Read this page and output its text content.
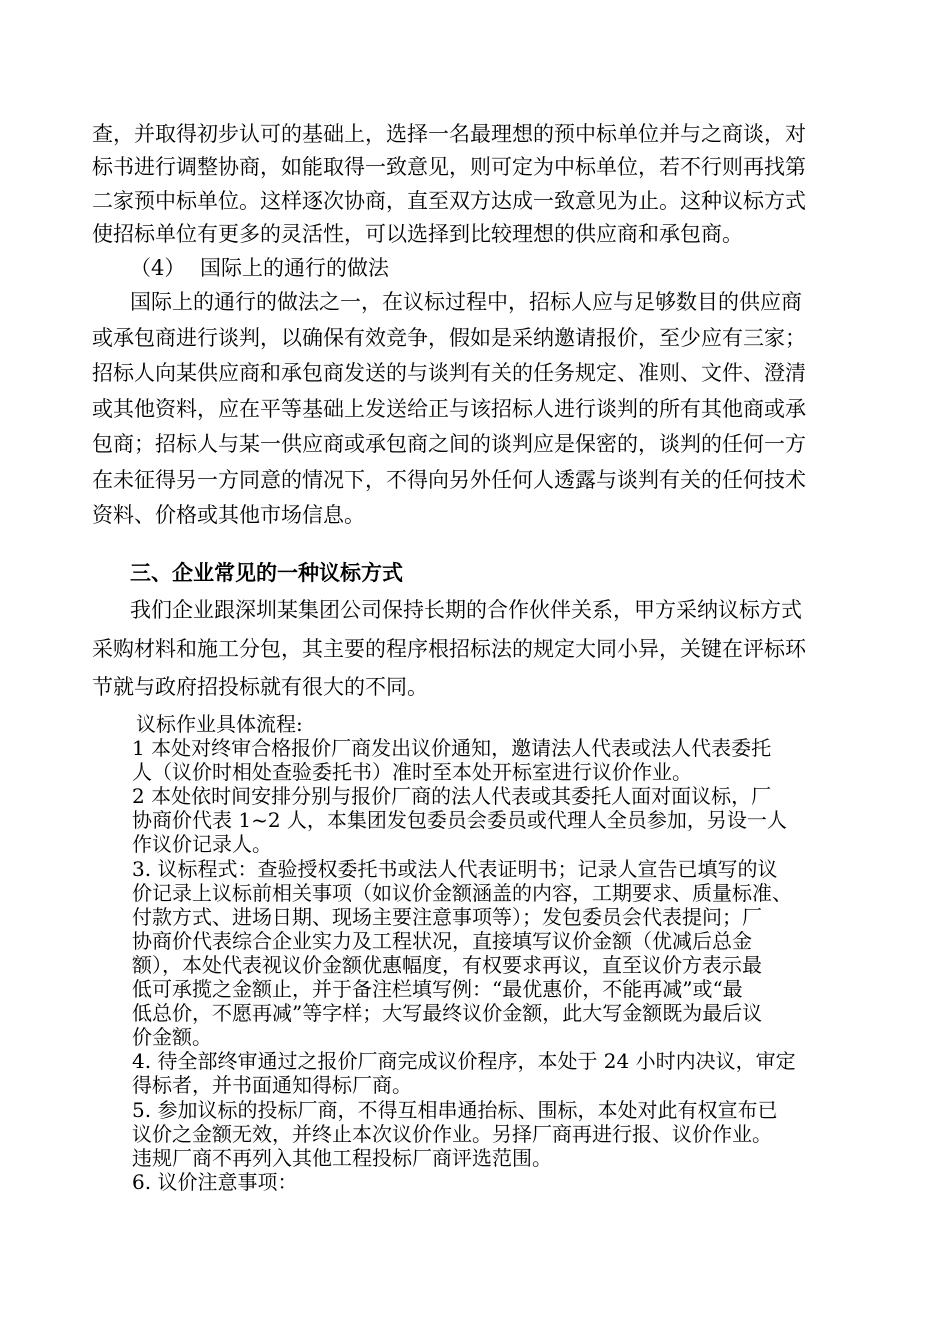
查，并取得初步认可的基础上，选择一名最理想的预中标单位并与之商谈，对
标书进行调整协商，如能取得一致意见，则可定为中标单位，若不行则再找第
二家预中标单位。这样逐次协商，直至双方达成一致意见为止。这种议标方式
使招标单位有更多的灵活性，可以选择到比较理想的供应商和承包商。
（4） 国际上的通行的做法
国际上的通行的做法之一，在议标过程中，招标人应与足够数目的供应商
或承包商进行谈判，以确保有效竞争，假如是采纳邀请报价，至少应有三家；
招标人向某供应商和承包商发送的与谈判有关的任务规定、准则、文件、澄清
或其他资料，应在平等基础上发送给正与该招标人进行谈判的所有其他商或承
包商；招标人与某一供应商或承包商之间的谈判应是保密的，谈判的任何一方
在未征得另一方同意的情况下，不得向另外任何人透露与谈判有关的任何技术
资料、价格或其他市场信息。
三、企业常见的一种议标方式
我们企业跟深圳某集团公司保持长期的合作伙伴关系，甲方采纳议标方式
采购材料和施工分包，其主要的程序根招标法的规定大同小异，关键在评标环
节就与政府招投标就有很大的不同。
议标作业具体流程:
1 本处对终审合格报价厂商发出议价通知，邀请法人代表或法人代表委托
人（议价时相处查验委托书）准时至本处开标室进行议价作业。
2 本处依时间安排分别与报价厂商的法人代表或其委托人面对面议标，厂
协商价代表 1~2 人，本集团发包委员会委员或代理人全员参加，另设一人
作议价记录人。
3. 议标程式：查验授权委托书或法人代表证明书；记录人宣告已填写的议
价记录上议标前相关事项（如议价金额涵盖的内容，工期要求、质量标准、
付款方式、进场日期、现场主要注意事项等）；发包委员会代表提问；厂
协商价代表综合企业实力及工程状况，直接填写议价金额（优减后总金
额），本处代表视议价金额优惠幅度，有权要求再议，直至议价方表示最
低可承揽之金额止，并于备注栏填写例：“最优惠价，不能再减”或“最
低总价，不愿再减”等字样；大写最终议价金额，此大写金额既为最后议
价金额。
4. 待全部终审通过之报价厂商完成议价程序，本处于 24 小时内决议，审定
得标者，并书面通知得标厂商。
5. 参加议标的投标厂商，不得互相串通抬标、围标，本处对此有权宣布已
议价之金额无效，并终止本次议价作业。另择厂商再进行报、议价作业。
违规厂商不再列入其他工程投标厂商评选范围。
6. 议价注意事项：
